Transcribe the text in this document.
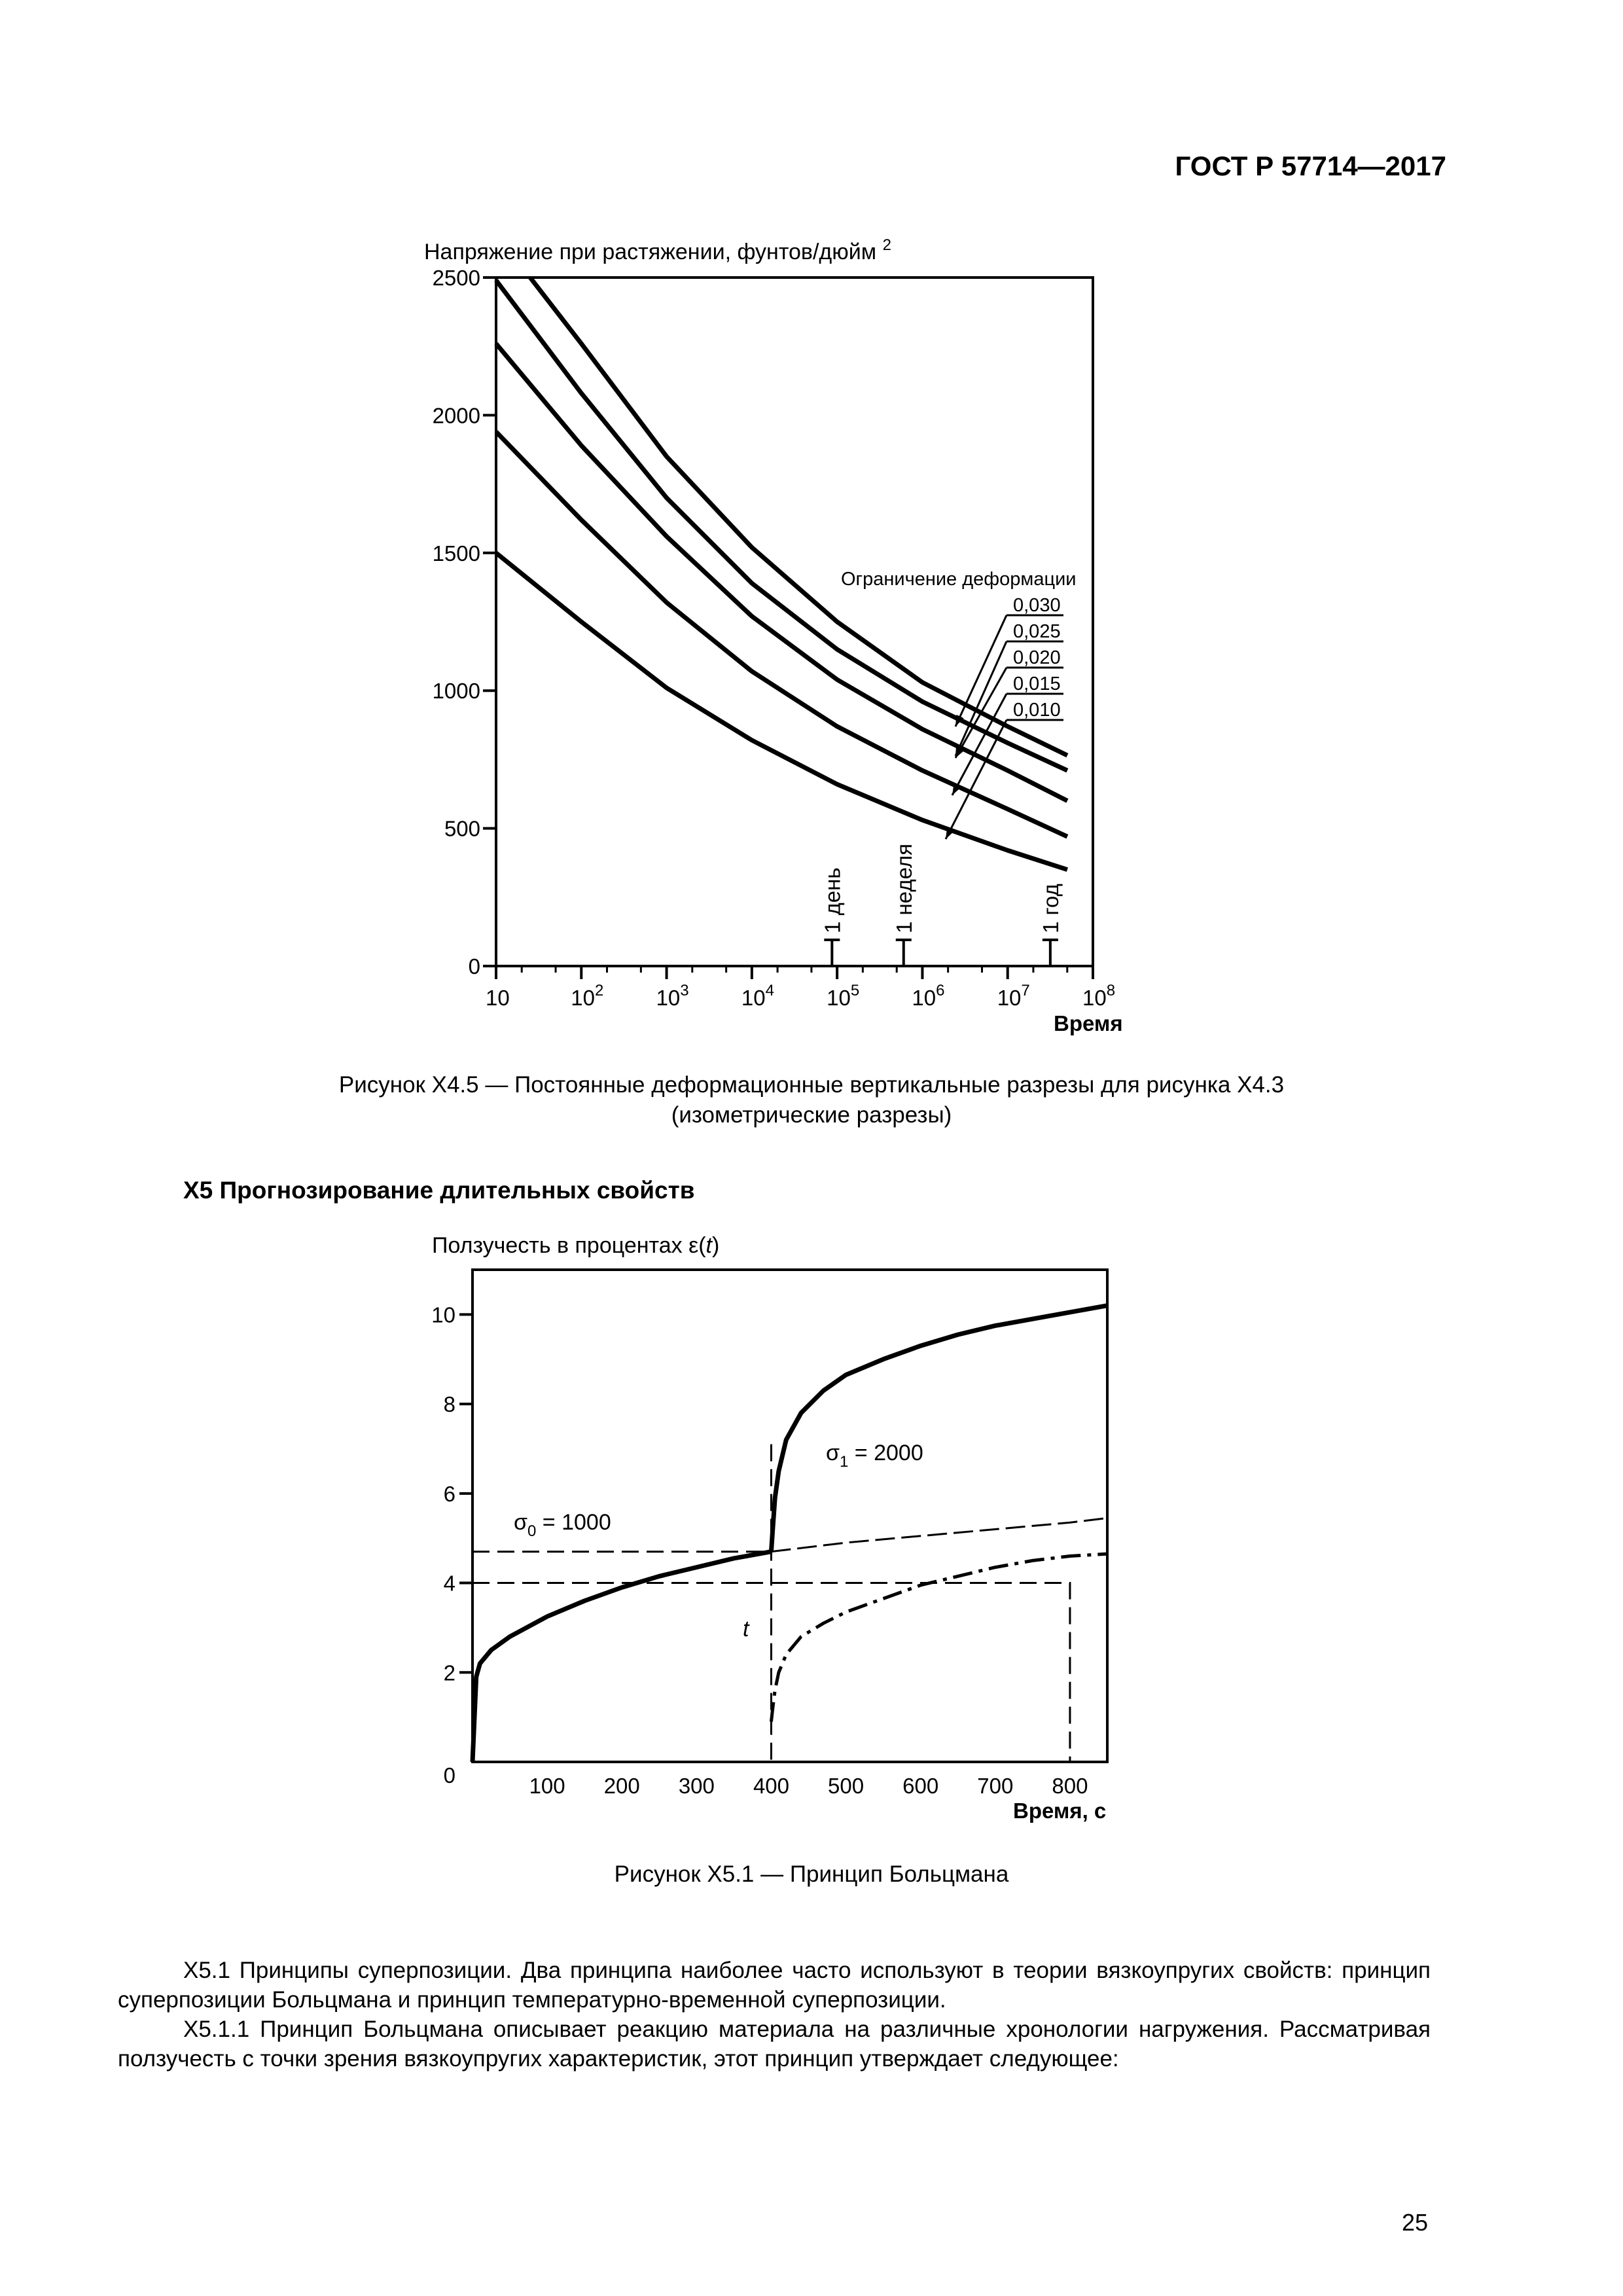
ГОСТ Р 57714—2017
Напряжение при растяжении, фунтов/дюйм $^2$
0
500
1000
1500
2000
2500
10	$10^2$ $10^3$ $10^4$ $10^5$ $10^6$ $10^7$ $10^8$
1 день 1 неделя	1 год
Ограничение деформации
0,030
0,025
0,020
0,015
0,010
Время
Ползучесть в процентах ε(t)
0
2
4
6
8
10
100 200 300 400 500 600 700 800
$\sigma_0 = 1000$
$\sigma_1 = 2000$
t
Время, с
Рисунок Х4.5 — Постоянные деформационные вертикальные разрезы для рисунка Х4.3
(изометрические разрезы)
Х5 Прогнозирование длительных свойств
Рисунок Х5.1 — Принцип Больцмана

Х5.1 Принципы суперпозиции. Два принципа наиболее часто используют в теории вязкоупругих свойств: принцип суперпозиции Больцмана и принцип температурно-временной суперпозиции.

Х5.1.1 Принцип Больцмана описывает реакцию материала на различные хронологии нагружения. Рассматривая ползучесть с точки зрения вязкоупругих характеристик, этот принцип утверждает следующее:

25
